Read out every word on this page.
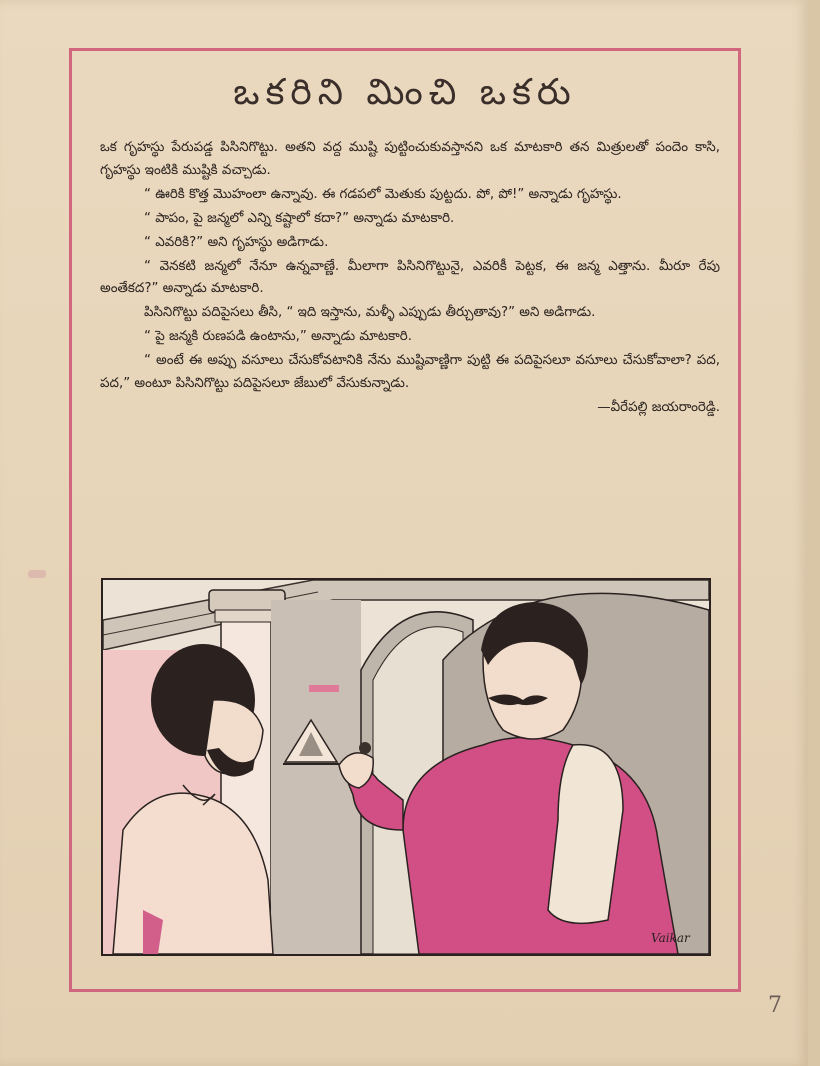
ఒకరిని మించి ఒకరు

ఒక గృహస్థు పేరుపడ్డ పిసినిగొట్టు. అతని వద్ద ముష్టి పుట్టించుకువస్తానని ఒక మాటకారి తన మిత్రులతో పందెం కాసి, గృహస్థు ఇంటికి ముష్టికి వచ్చాడు.

“ ఊరికి కొత్త మొహంలా ఉన్నావు. ఈ గడపలో మెతుకు పుట్టదు. పో, పో!” అన్నాడు గృహస్థు.

“ పాపం, పై జన్మలో ఎన్ని కష్టాలో కదా?” అన్నాడు మాటకారి.

“ ఎవరికి?” అని గృహస్థు అడిగాడు.

“ వెనకటి జన్మలో నేనూ ఉన్నవాణ్ణే. మీలాగా పిసినిగొట్టునై, ఎవరికీ పెట్టక, ఈ జన్మ ఎత్తాను. మీరూ రేపు అంతేకద?” అన్నాడు మాటకారి.

పిసినిగొట్టు పదిపైసలు తీసి, “ ఇది ఇస్తాను, మళ్ళీ ఎప్పుడు తీర్చుతావు?” అని అడిగాడు.

“ పై జన్మకి రుణపడి ఉంటాను,” అన్నాడు మాటకారి.

“ అంటే ఈ అప్పు వసూలు చేసుకోవటానికి నేను ముష్టివాణ్ణిగా పుట్టి ఈ పదిపైసలూ వసూలు చేసుకోవాలా? పద, పద,” అంటూ పిసినిగొట్టు పదిపైసలూ జేబులో వేసుకున్నాడు.

—వీరేపల్లి జయరాంరెడ్డి.
Vaikar
7
